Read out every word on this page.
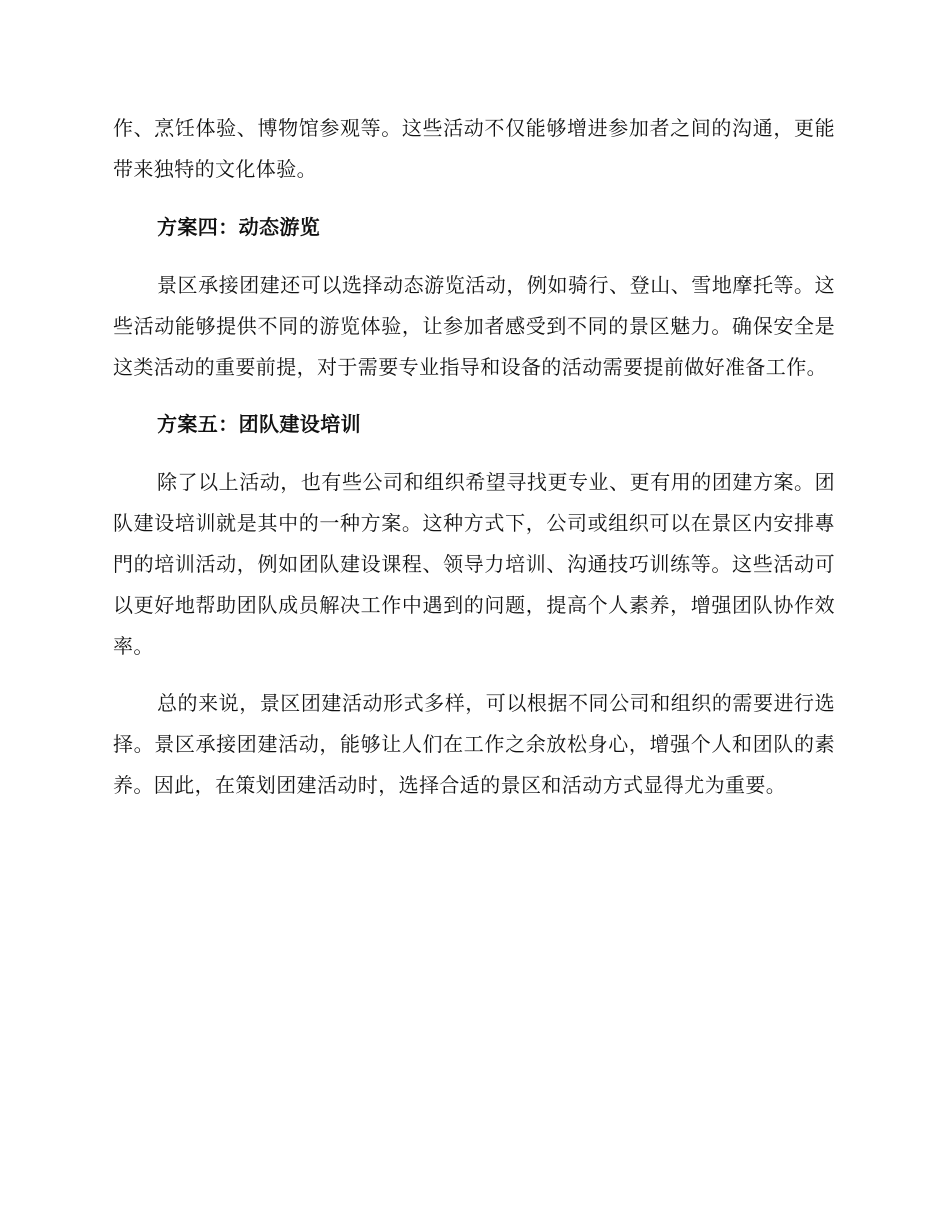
作、烹饪体验、博物馆参观等。这些活动不仅能够增进参加者之间的沟通，更能带来独特的文化体验。

方案四：动态游览

景区承接团建还可以选择动态游览活动，例如骑行、登山、雪地摩托等。这些活动能够提供不同的游览体验，让参加者感受到不同的景区魅力。确保安全是这类活动的重要前提，对于需要专业指导和设备的活动需要提前做好准备工作。

方案五：团队建设培训

除了以上活动，也有些公司和组织希望寻找更专业、更有用的团建方案。团队建设培训就是其中的一种方案。这种方式下，公司或组织可以在景区内安排專門的培训活动，例如团队建设课程、领导力培训、沟通技巧训练等。这些活动可以更好地帮助团队成员解决工作中遇到的问题，提高个人素养，增强团队协作效率。

总的来说，景区团建活动形式多样，可以根据不同公司和组织的需要进行选择。景区承接团建活动，能够让人们在工作之余放松身心，增强个人和团队的素养。因此，在策划团建活动时，选择合适的景区和活动方式显得尤为重要。
